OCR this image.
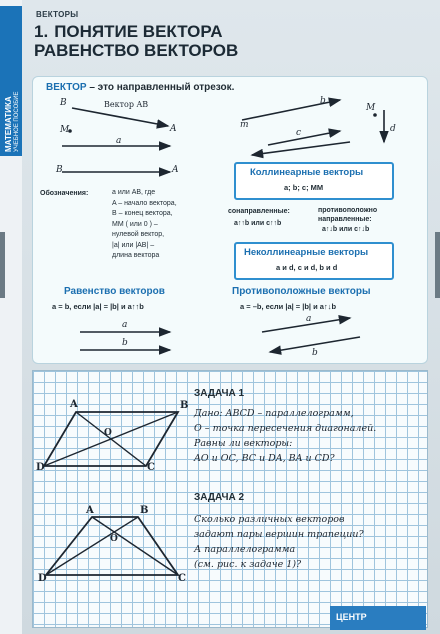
МАТЕМАТИКА УЧЕБНОЕ ПОСОБИЕ
ВЕКТОРЫ
1. ПОНЯТИЕ ВЕКТОРА
РАВЕНСТВО ВЕКТОРОВ
ВЕКТОР – это направленный отрезок.
B
A
Вектор AB
M
a
B	A
b
c
m
M
d
Обозначения:	a или AB, где
A – начало вектора,
B – конец вектора,
MM ( или 0 ) –
нулевой вектор,
|a| или |AB| –
длина вектора
Коллинеарные векторы
a; b; c; MM
сонаправленные:
a↑↑b или c↑↑b
противоположно направленные:
a↑↓b или c↑↓b
Неколлинеарные векторы
a и d, c и d, b и d
Равенство векторов
a = b, если |a| = |b| и a↑↑b
a
b
Противоположные векторы
a = –b, если |a| = |b| и a↑↓b
a
b
A	B
C
D
O
A	B
C
D
O
ЗАДАЧА 1
Дано: ABCD – параллелограмм,
O – точка пересечения диагоналей.
Равны ли векторы:
AO и OC, BC и DA, BA и CD?
ЗАДАЧА 2
Сколько различных векторов
задают пары вершин трапеции?
А параллелограмма
(см. рис. к задаче 1)?
ЦЕНТР
